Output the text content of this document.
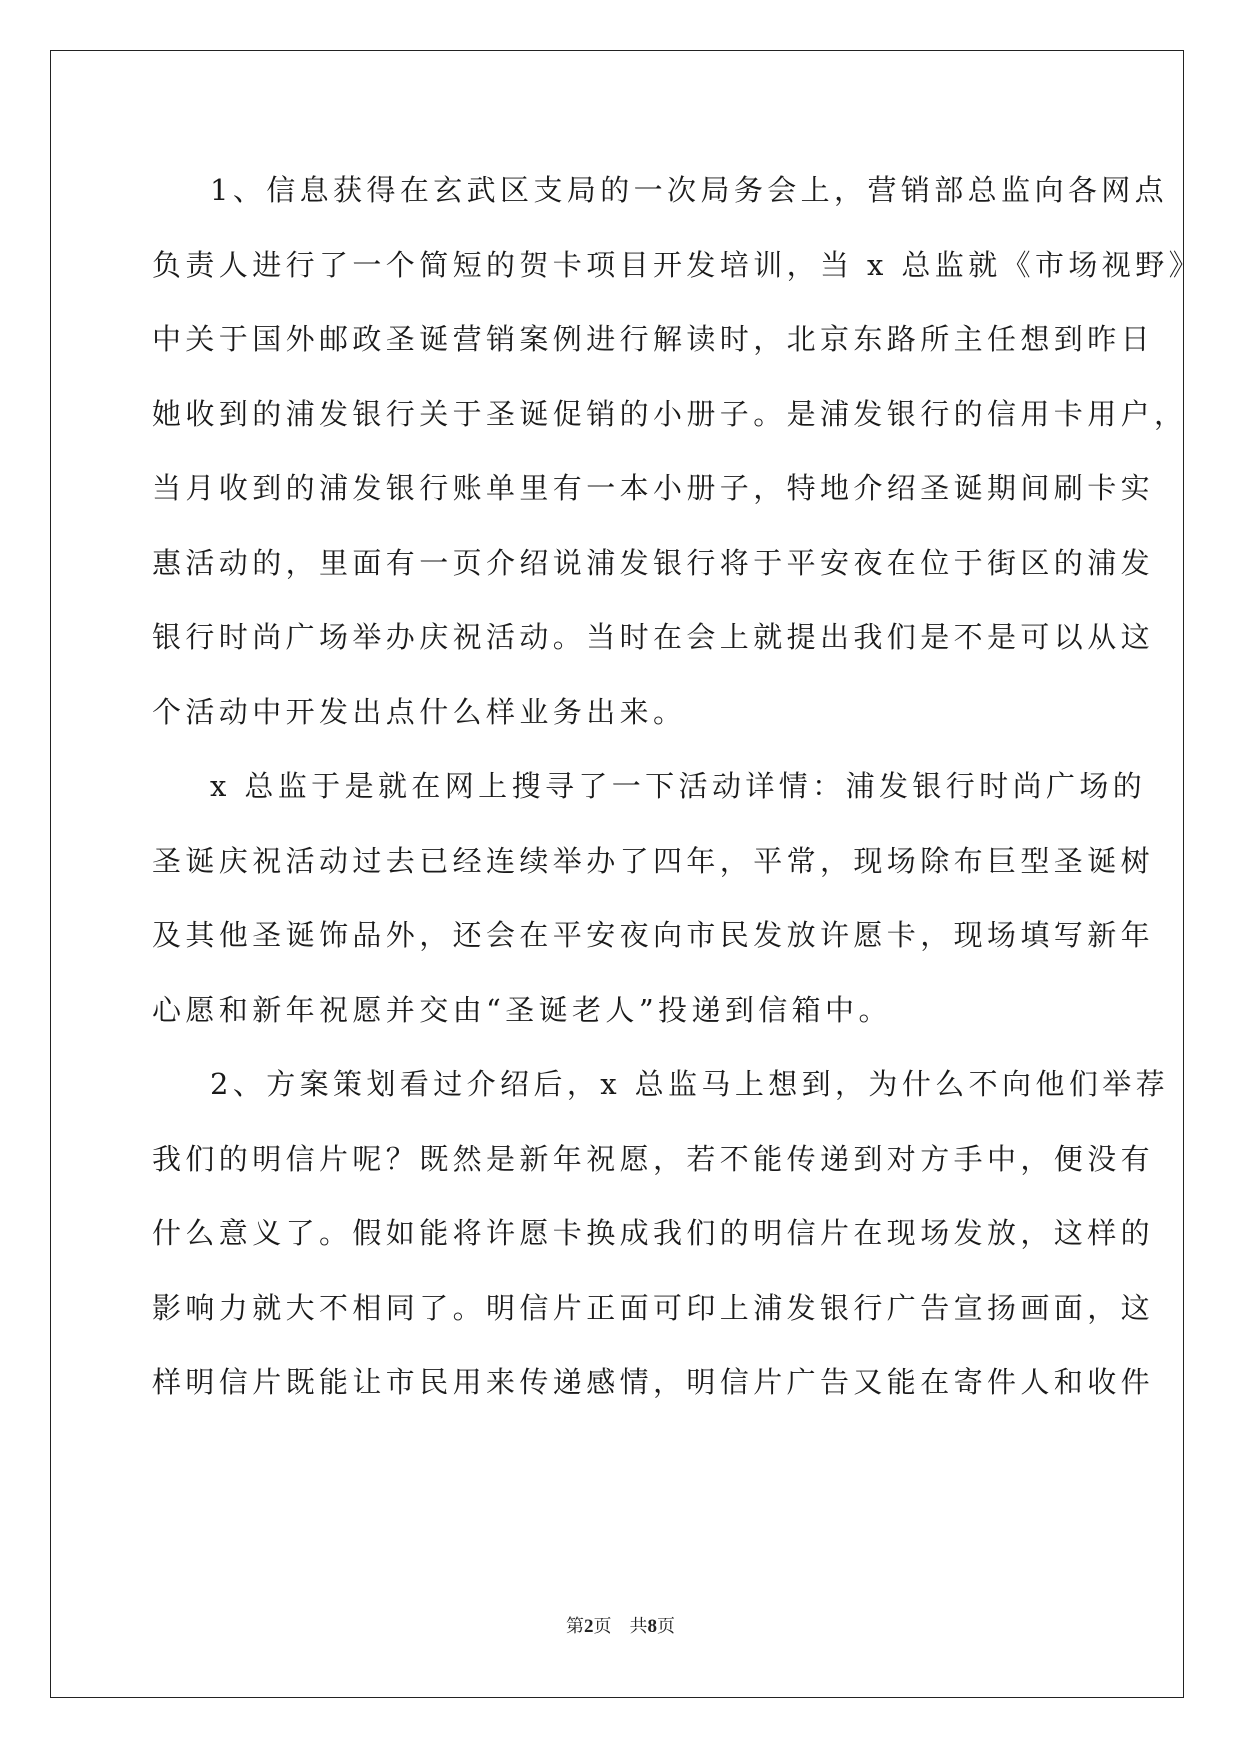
1、信息获得在玄武区支局的一次局务会上，营销部总监向各网点
负责人进行了一个简短的贺卡项目开发培训，当 x 总监就《市场视野》
中关于国外邮政圣诞营销案例进行解读时，北京东路所主任想到昨日
她收到的浦发银行关于圣诞促销的小册子。是浦发银行的信用卡用户，
当月收到的浦发银行账单里有一本小册子，特地介绍圣诞期间刷卡实
惠活动的，里面有一页介绍说浦发银行将于平安夜在位于街区的浦发
银行时尚广场举办庆祝活动。当时在会上就提出我们是不是可以从这
个活动中开发出点什么样业务出来。
x 总监于是就在网上搜寻了一下活动详情：浦发银行时尚广场的
圣诞庆祝活动过去已经连续举办了四年，平常，现场除布巨型圣诞树
及其他圣诞饰品外，还会在平安夜向市民发放许愿卡，现场填写新年
心愿和新年祝愿并交由“圣诞老人”投递到信箱中。
2、方案策划看过介绍后，x 总监马上想到，为什么不向他们举荐
我们的明信片呢？既然是新年祝愿，若不能传递到对方手中，便没有
什么意义了。假如能将许愿卡换成我们的明信片在现场发放，这样的
影响力就大不相同了。明信片正面可印上浦发银行广告宣扬画面，这
样明信片既能让市民用来传递感情，明信片广告又能在寄件人和收件
第2页 共8页
